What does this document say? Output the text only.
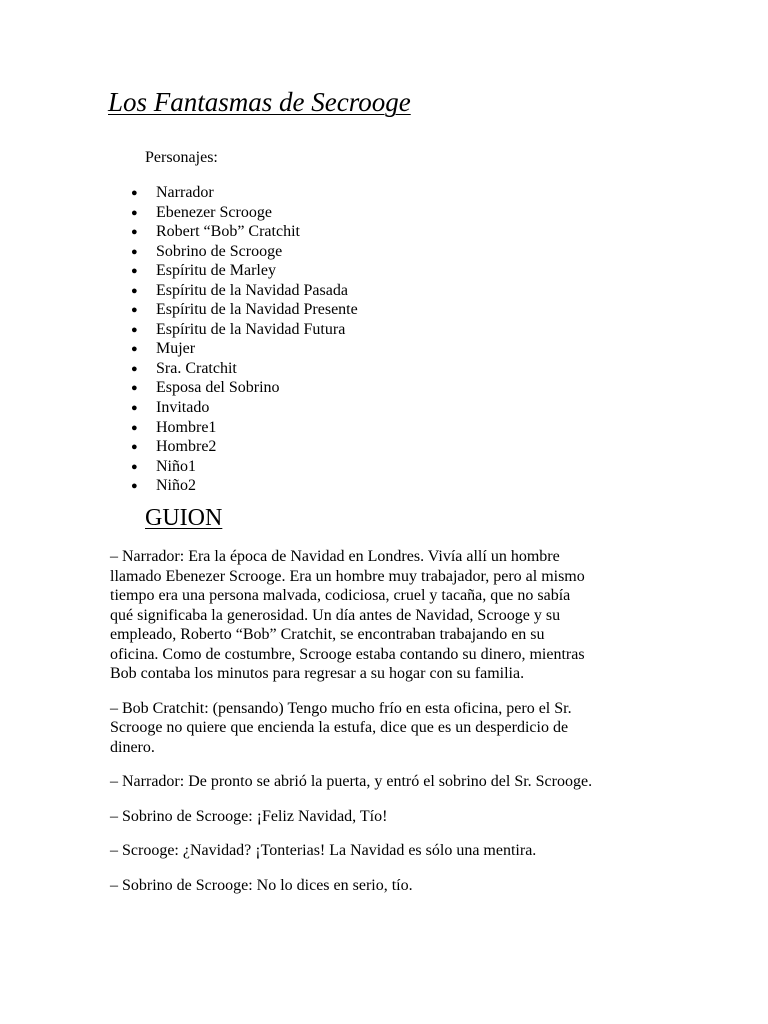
Los Fantasmas de Secrooge
Personajes:
● Narrador
● Ebenezer Scrooge
● Robert “Bob” Cratchit
● Sobrino de Scrooge
● Espíritu de Marley
● Espíritu de la Navidad Pasada
● Espíritu de la Navidad Presente
● Espíritu de la Navidad Futura
● Mujer
● Sra. Cratchit
● Esposa del Sobrino
● Invitado
● Hombre1
● Hombre2
● Niño1
● Niño2
GUION

– Narrador: Era la época de Navidad en Londres. Vivía allí un hombre
llamado Ebenezer Scrooge. Era un hombre muy trabajador, pero al mismo
tiempo era una persona malvada, codiciosa, cruel y tacaña, que no sabía
qué significaba la generosidad. Un día antes de Navidad, Scrooge y su
empleado, Roberto “Bob” Cratchit, se encontraban trabajando en su
oficina. Como de costumbre, Scrooge estaba contando su dinero, mientras
Bob contaba los minutos para regresar a su hogar con su familia.

– Bob Cratchit: (pensando) Tengo mucho frío en esta oficina, pero el Sr.
Scrooge no quiere que encienda la estufa, dice que es un desperdicio de
dinero.

– Narrador: De pronto se abrió la puerta, y entró el sobrino del Sr. Scrooge.

– Sobrino de Scrooge: ¡Feliz Navidad, Tío!

– Scrooge: ¿Navidad? ¡Tonterias! La Navidad es sólo una mentira.

– Sobrino de Scrooge: No lo dices en serio, tío.
